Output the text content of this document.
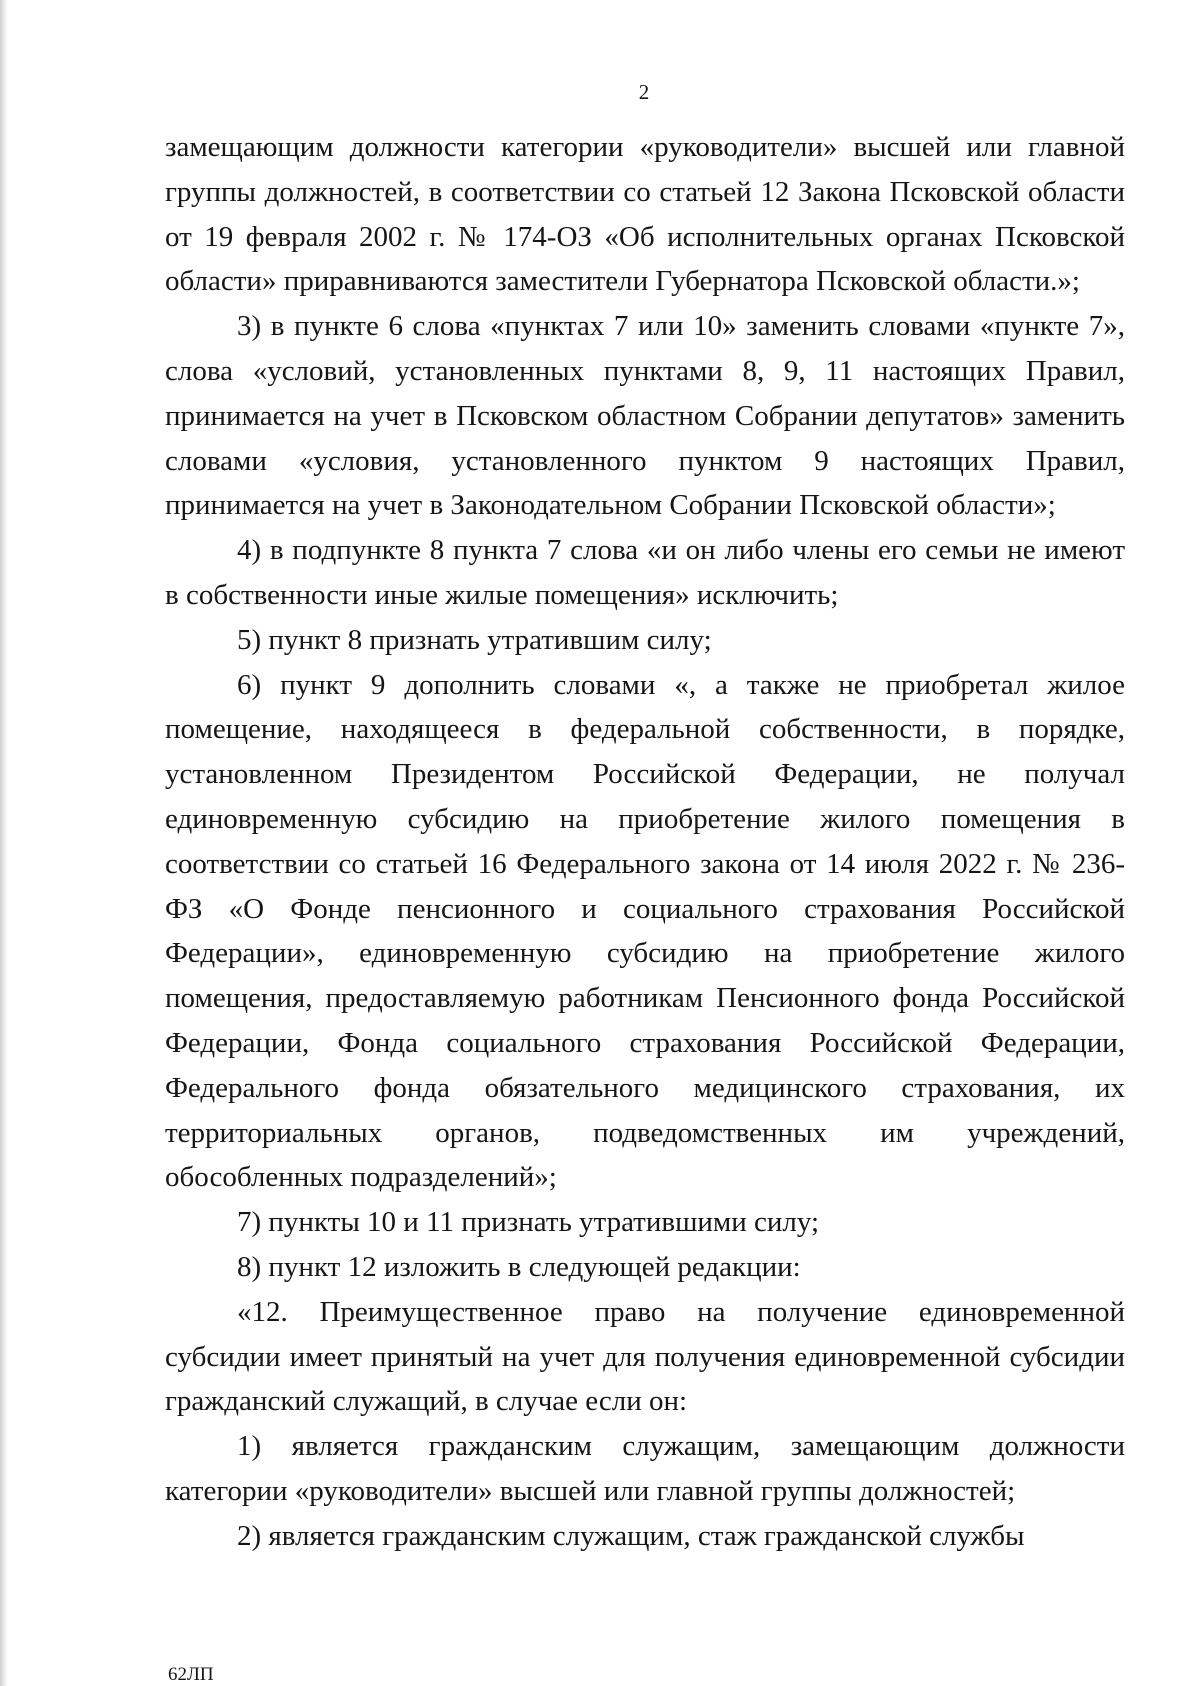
2

замещающим должности категории «руководители» высшей или главной группы должностей, в соответствии со статьей 12 Закона Псковской области от 19 февраля 2002 г. № 174-ОЗ «Об исполнительных органах Псковской области» приравниваются заместители Губернатора Псковской области.»;

3) в пункте 6 слова «пунктах 7 или 10» заменить словами «пункте 7», слова «условий, установленных пунктами 8, 9, 11 настоящих Правил, принимается на учет в Псковском областном Собрании депутатов» заменить словами «условия, установленного пунктом 9 настоящих Правил, принимается на учет в Законодательном Собрании Псковской области»;

4) в подпункте 8 пункта 7 слова «и он либо члены его семьи не имеют в собственности иные жилые помещения» исключить;

5) пункт 8 признать утратившим силу;

6) пункт 9 дополнить словами «, а также не приобретал жилое помещение, находящееся в федеральной собственности, в порядке, установленном Президентом Российской Федерации, не получал единовременную субсидию на приобретение жилого помещения в соответствии со статьей 16 Федерального закона от 14 июля 2022 г. № 236-ФЗ «О Фонде пенсионного и социального страхования Российской Федерации», единовременную субсидию на приобретение жилого помещения, предоставляемую работникам Пенсионного фонда Российской Федерации, Фонда социального страхования Российской Федерации, Федерального фонда обязательного медицинского страхования, их территориальных органов, подведомственных им учреждений, обособленных подразделений»;

7) пункты 10 и 11 признать утратившими силу;

8) пункт 12 изложить в следующей редакции:

«12. Преимущественное право на получение единовременной субсидии имеет принятый на учет для получения единовременной субсидии гражданский служащий, в случае если он:

1) является гражданским служащим, замещающим должности категории «руководители» высшей или главной группы должностей;

2) является гражданским служащим, стаж гражданской службы

62ЛП
